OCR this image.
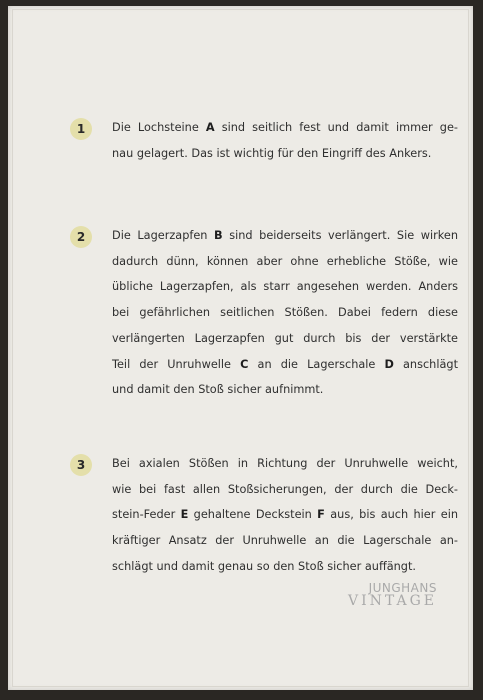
1	Die Lochsteine A sind seitlich fest und damit immer ge-
nau gelagert. Das ist wichtig für den Eingriff des Ankers.
2	Die Lagerzapfen B sind beiderseits verlängert. Sie wirken
dadurch dünn, können aber ohne erhebliche Stöße, wie
übliche Lagerzapfen, als starr angesehen werden. Anders
bei gefährlichen seitlichen Stößen. Dabei federn diese
verlängerten Lagerzapfen gut durch bis der verstärkte
Teil der Unruhwelle C an die Lagerschale D anschlägt
und damit den Stoß sicher aufnimmt.
3	Bei axialen Stößen in Richtung der Unruhwelle weicht,
wie bei fast allen Stoßsicherungen, der durch die Deck-
stein-Feder E gehaltene Deckstein F aus, bis auch hier ein
kräftiger Ansatz der Unruhwelle an die Lagerschale an-
schlägt und damit genau so den Stoß sicher auffängt.
JUNGHANS
VINTAGE
